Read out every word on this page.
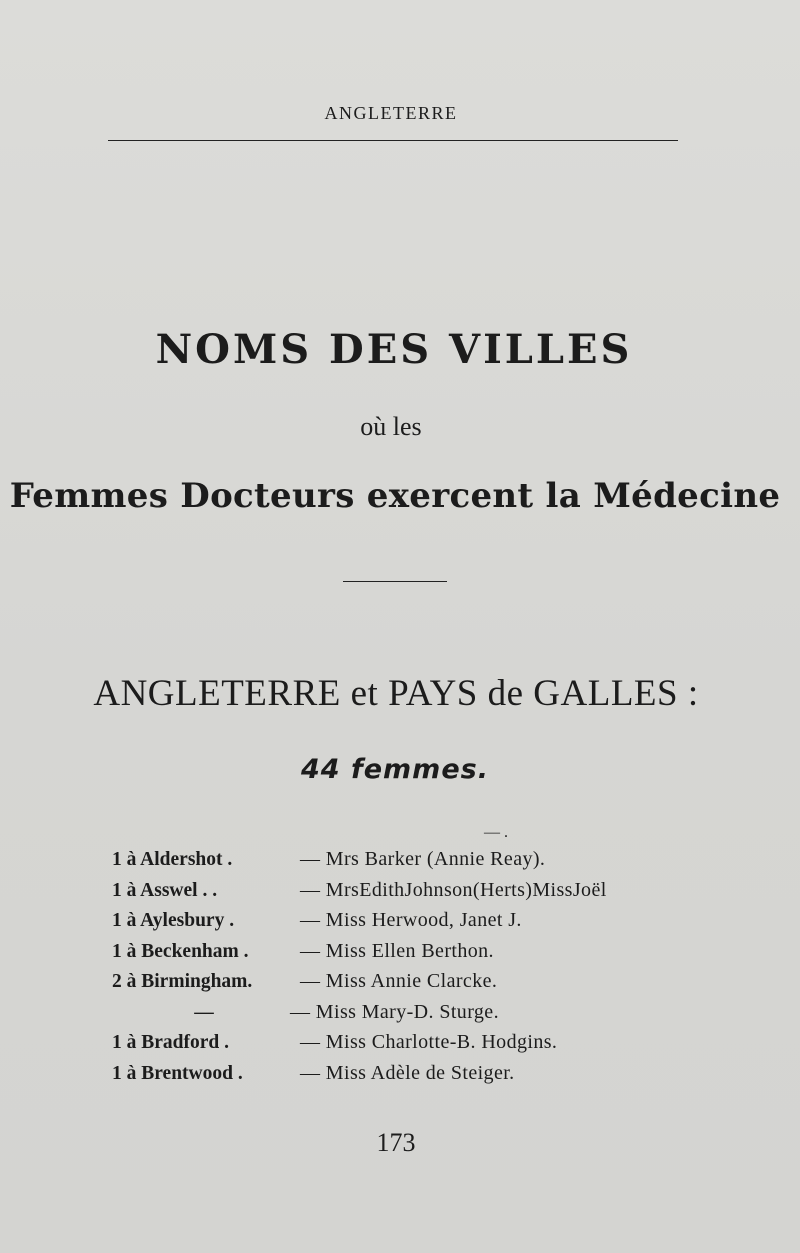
ANGLETERRE
NOMS DES VILLES
où les
Femmes Docteurs exercent la Médecine
ANGLETERRE et PAYS de GALLES :
44 femmes.
— .
1 à Aldershot .	— Mrs Barker (Annie Reay).
1 à Asswel . .	— MrsEdithJohnson(Herts)MissJoël
1 à Aylesbury .	— Miss Herwood, Janet J.
1 à Beckenham .	— Miss Ellen Berthon.
2 à Birmingham.	— Miss Annie Clarcke.
—	— Miss Mary-D. Sturge.
1 à Bradford .	— Miss Charlotte-B. Hodgins.
1 à Brentwood .	— Miss Adèle de Steiger.
173
